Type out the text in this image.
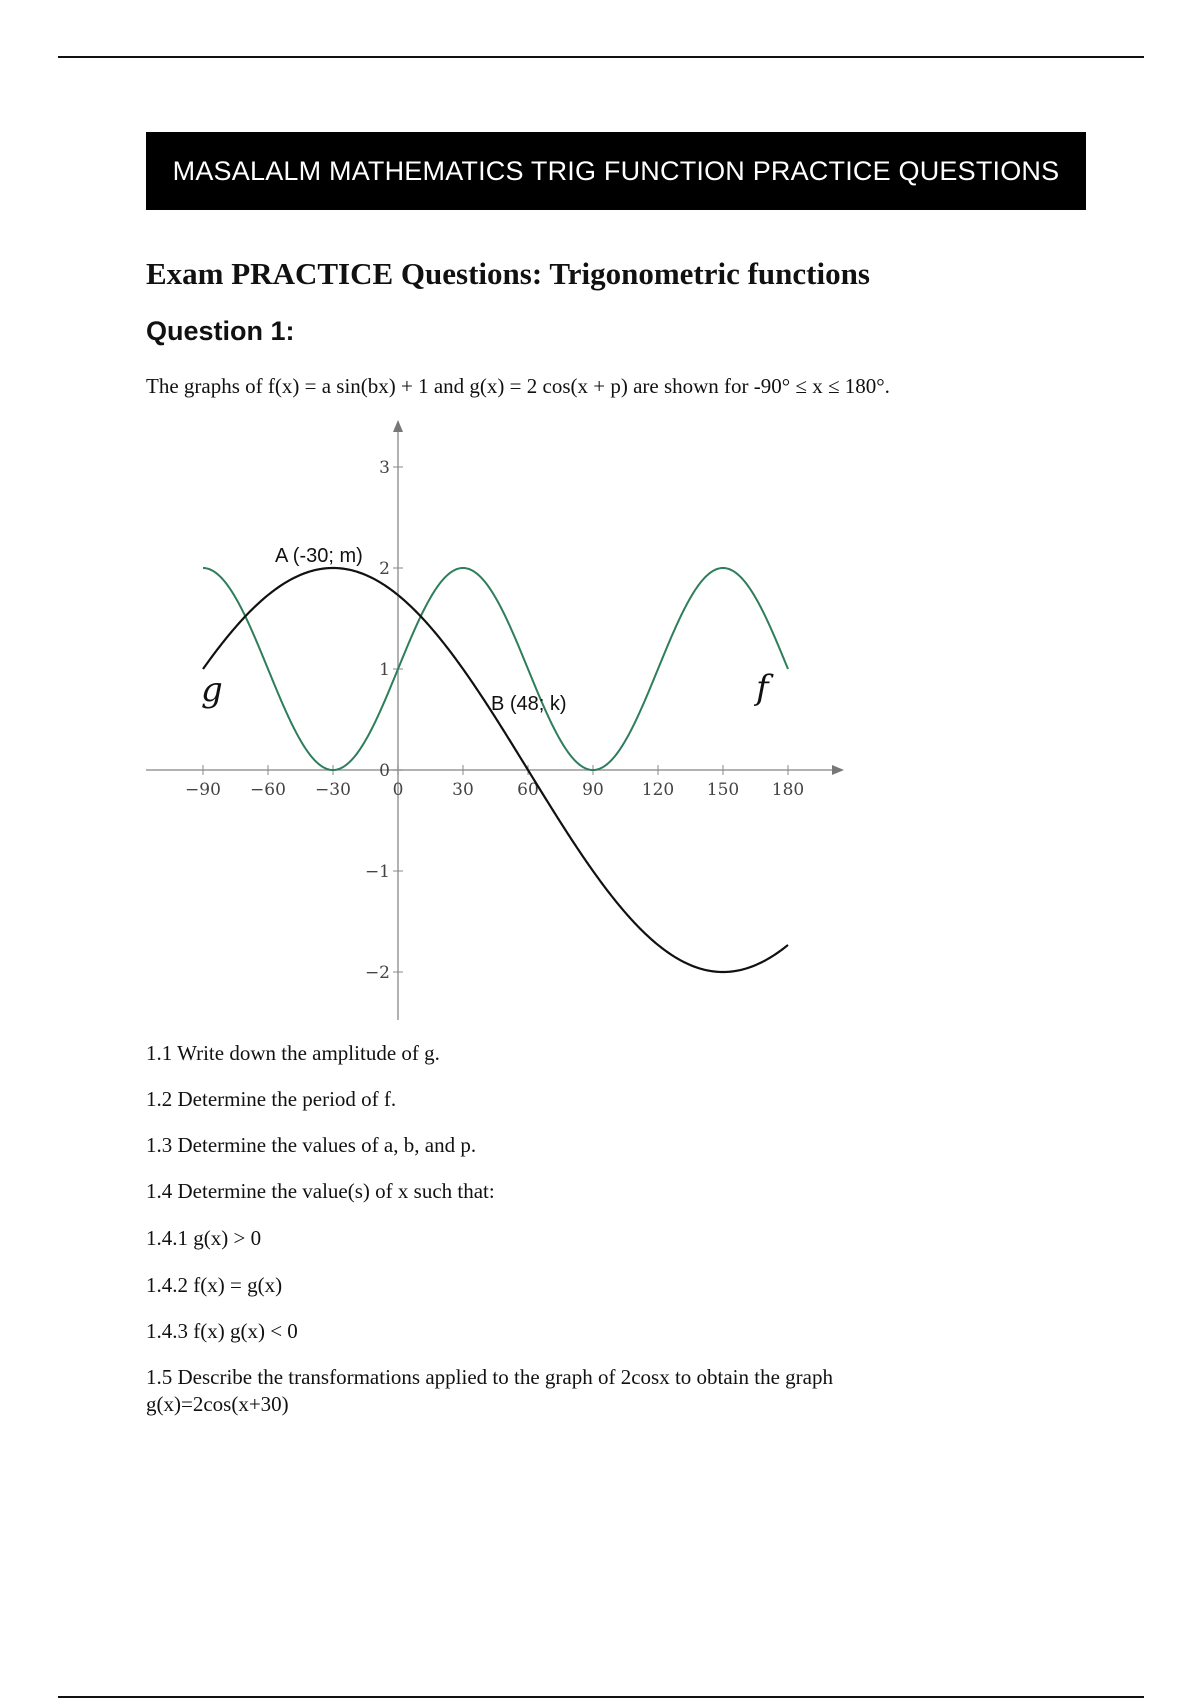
MASALALM MATHEMATICS TRIG FUNCTION PRACTICE QUESTIONS
Exam PRACTICE Questions: Trigonometric functions
Question 1:
The graphs of f(x) = a sin(bx) + 1 and g(x) = 2 cos(x + p) are shown for -90° ≤ x ≤ 180°.
−90 −60 −30 0	30	60	90 120 150 180
3
2
1
0
−1
−2
g	f
A (-30; m)
B (48; k)
1.1 Write down the amplitude of g.
1.2 Determine the period of f.
1.3 Determine the values of a, b, and p.
1.4 Determine the value(s) of x such that:
1.4.1 g(x) > 0
1.4.2 f(x) = g(x)
1.4.3 f(x) g(x) < 0
1.5 Describe the transformations applied to the graph of 2cosx to obtain the graph g(x)=2cos(x+30)
